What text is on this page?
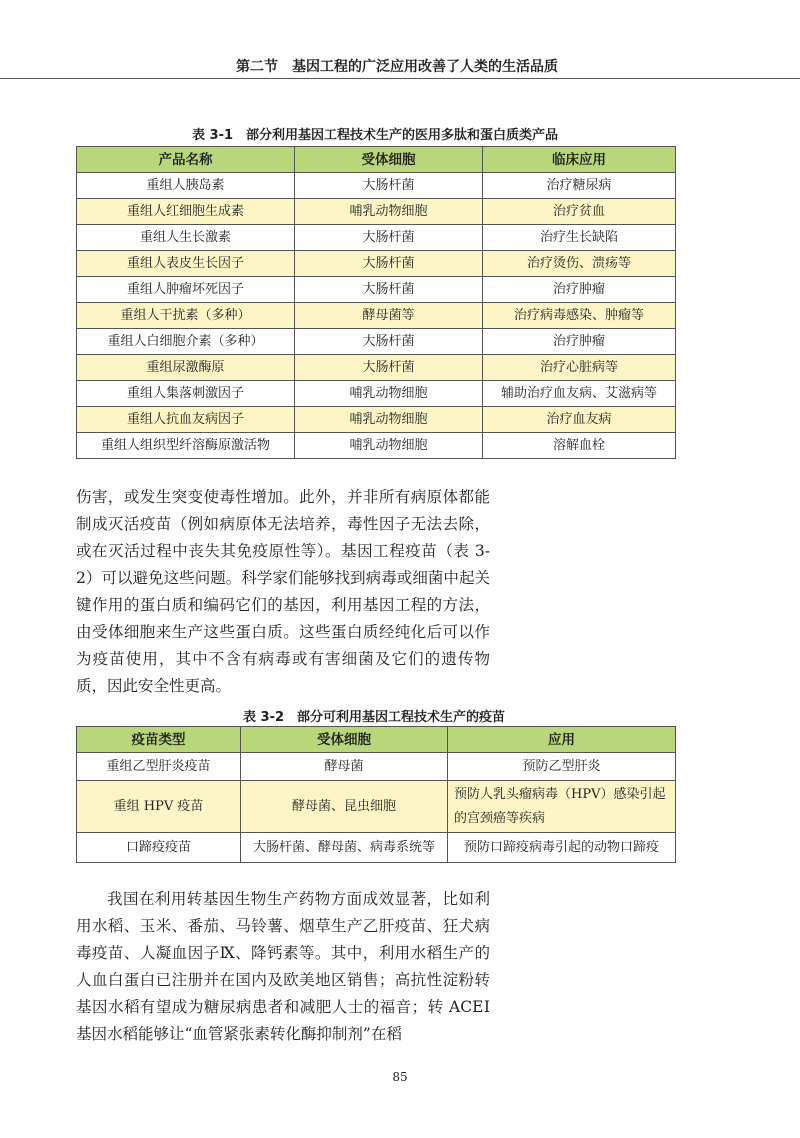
第二节　基因工程的广泛应用改善了人类的生活品质
表 3-1　部分利用基因工程技术生产的医用多肽和蛋白质类产品
产品名称	受体细胞	临床应用
重组人胰岛素	大肠杆菌	治疗糖尿病
重组人红细胞生成素	哺乳动物细胞	治疗贫血
重组人生长激素	大肠杆菌	治疗生长缺陷
重组人表皮生长因子	大肠杆菌	治疗烫伤、溃疡等
重组人肿瘤坏死因子	大肠杆菌	治疗肿瘤
重组人干扰素（多种）	酵母菌等	治疗病毒感染、肿瘤等
重组人白细胞介素（多种）	大肠杆菌	治疗肿瘤
重组尿激酶原	大肠杆菌	治疗心脏病等
重组人集落刺激因子	哺乳动物细胞	辅助治疗血友病、艾滋病等
重组人抗血友病因子	哺乳动物细胞	治疗血友病
重组人组织型纤溶酶原激活物	哺乳动物细胞	溶解血栓

伤害，或发生突变使毒性增加。此外，并非所有病原体都能制成灭活疫苗（例如病原体无法培养，毒性因子无法去除，或在灭活过程中丧失其免疫原性等）。基因工程疫苗（表 3-2）可以避免这些问题。科学家们能够找到病毒或细菌中起关键作用的蛋白质和编码它们的基因，利用基因工程的方法，由受体细胞来生产这些蛋白质。这些蛋白质经纯化后可以作为疫苗使用，其中不含有病毒或有害细菌及它们的遗传物质，因此安全性更高。

表 3-2　部分可利用基因工程技术生产的疫苗
疫苗类型	受体细胞	应用
重组乙型肝炎疫苗	酵母菌	预防乙型肝炎
重组 HPV 疫苗	酵母菌、昆虫细胞	预防人乳头瘤病毒（HPV）感染引起的宫颈癌等疾病
口蹄疫疫苗	大肠杆菌、酵母菌、病毒系统等	预防口蹄疫病毒引起的动物口蹄疫

我国在利用转基因生物生产药物方面成效显著，比如利用水稻、玉米、番茄、马铃薯、烟草生产乙肝疫苗、狂犬病毒疫苗、人凝血因子Ⅸ、降钙素等。其中，利用水稻生产的人血白蛋白已注册并在国内及欧美地区销售；高抗性淀粉转基因水稻有望成为糖尿病患者和减肥人士的福音；转 ACEⅠ基因水稻能够让“血管紧张素转化酶抑制剂”在稻

85
